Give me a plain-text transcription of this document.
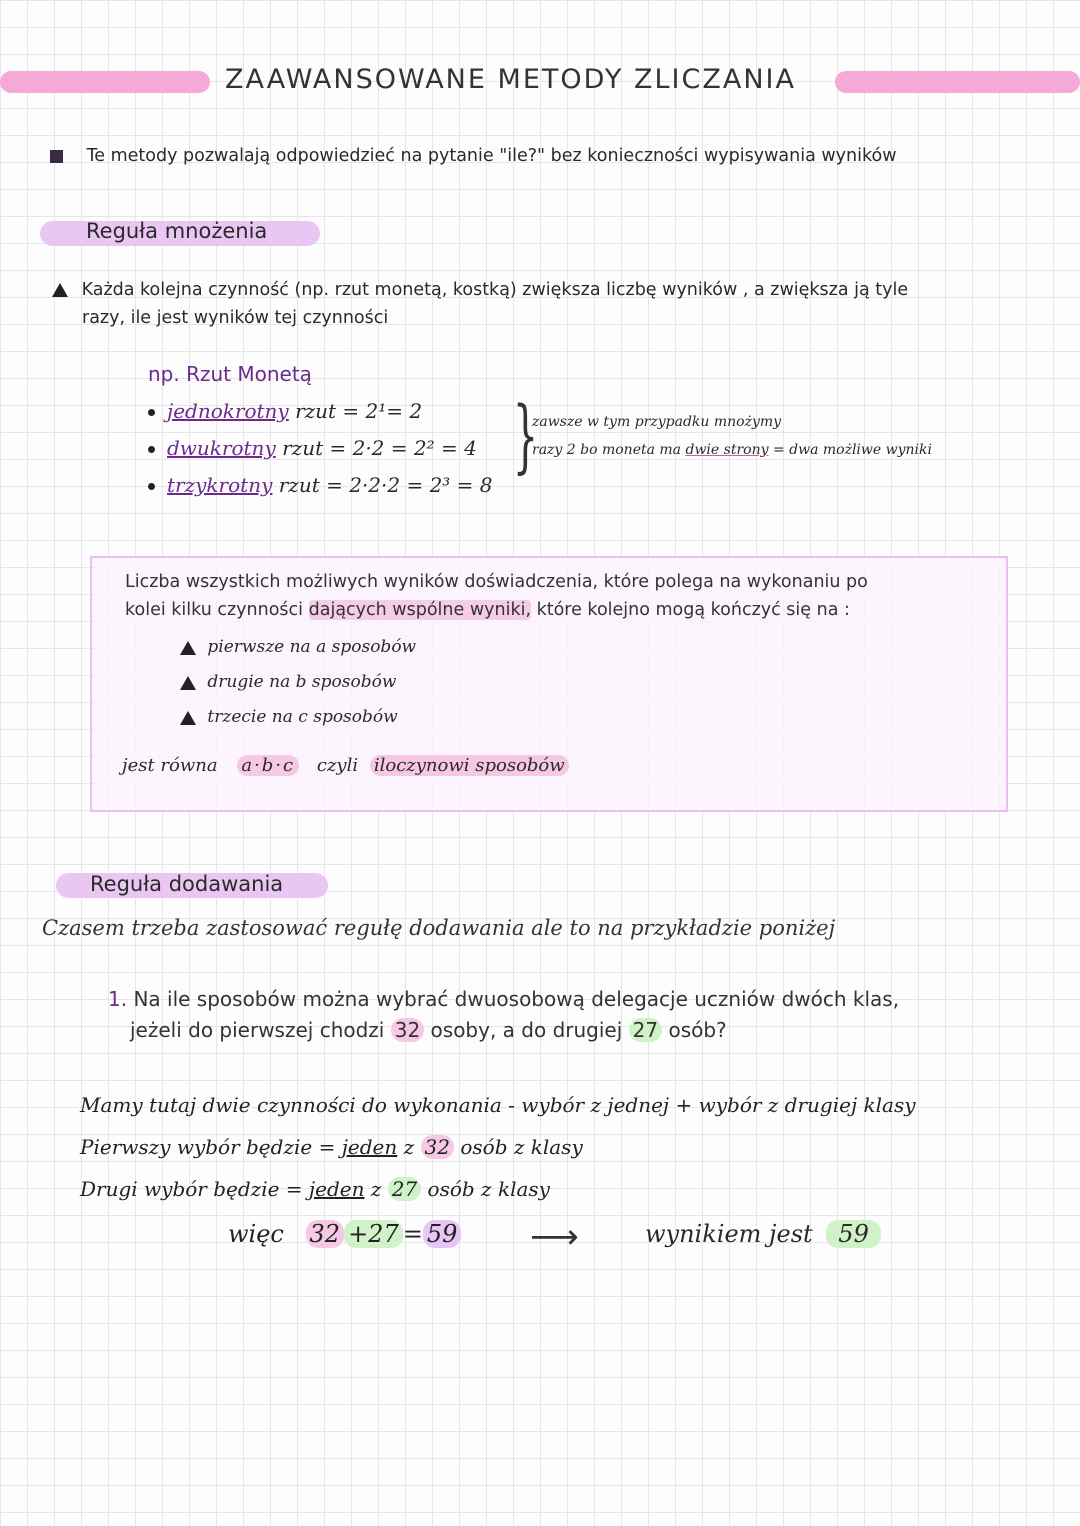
ZAAWANSOWANE METODY ZLICZANIA
Te metody pozwalają odpowiedzieć na pytanie "ile?" bez konieczności wypisywania wyników
Reguła mnożenia
Każda kolejna czynność (np. rzut monetą, kostką) zwiększa liczbę wyników , a zwiększa ją tyle
razy, ile jest wyników tej czynności
np. Rzut Monetą
jednokrotny rzut = 2¹= 2
dwukrotny rzut = 2·2 = 2² = 4
trzykrotny rzut = 2·2·2 = 2³ = 8
}
zawsze w tym przypadku mnożymy
razy 2 bo moneta ma dwie strony = dwa możliwe wyniki
Liczba wszystkich możliwych wyników doświadczenia, które polega na wykonaniu po
kolei kilku czynności dających wspólne wyniki, które kolejno mogą kończyć się na :
pierwsze na a sposobów
drugie na b sposobów
trzecie na c sposobów
jest równa a·b·c czyli iloczynowi sposobów
Reguła dodawania
Czasem trzeba zastosować regułę dodawania ale to na przykładzie poniżej
1. Na ile sposobów można wybrać dwuosobową delegacje uczniów dwóch klas,
jeżeli do pierwszej chodzi 32 osoby, a do drugiej 27 osób?
Mamy tutaj dwie czynności do wykonania - wybór z jednej + wybór z drugiej klasy
Pierwszy wybór będzie = jeden z 32 osób z klasy
Drugi wybór będzie = jeden z 27 osób z klasy
więc 32 +27 = 59 ⟶	wynikiem jest 59
